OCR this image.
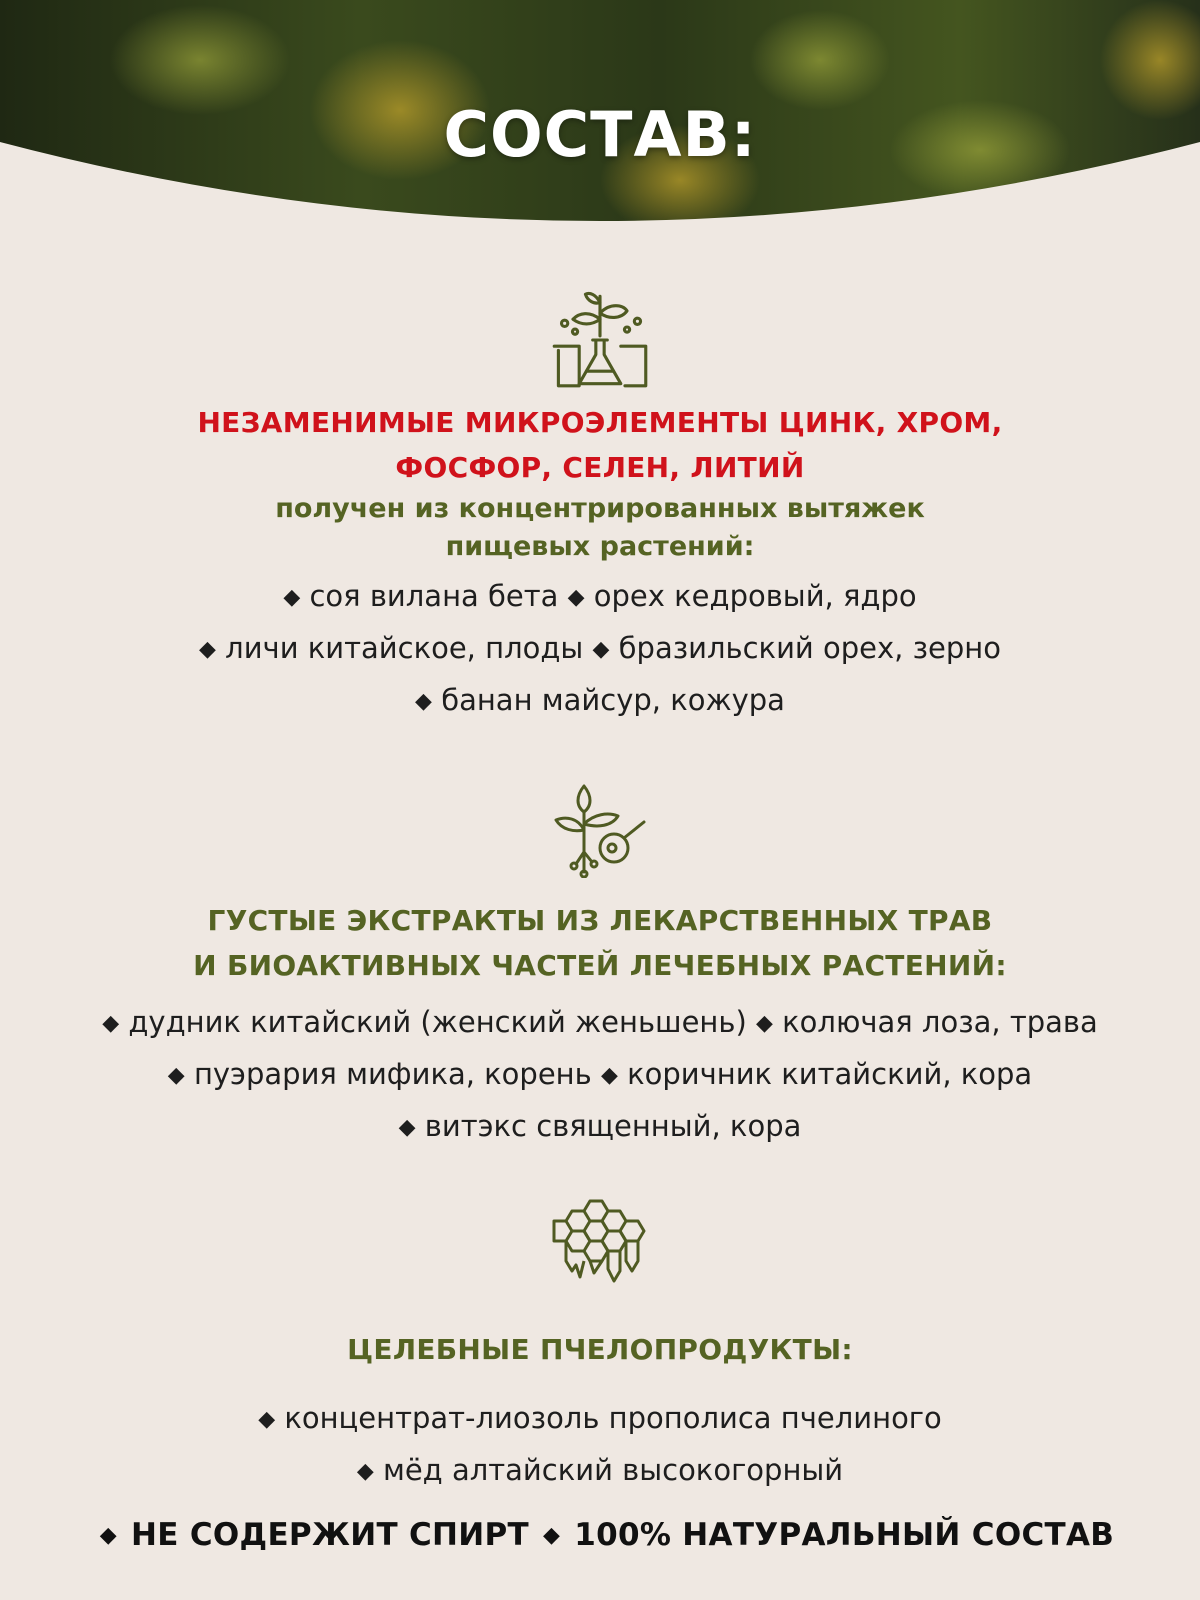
СОСТАВ:
НЕЗАМЕНИМЫЕ МИКРОЭЛЕМЕНТЫ ЦИНК, ХРОМ,
ФОСФОР, СЕЛЕН, ЛИТИЙ
получен из концентрированных вытяжек
пищевых растений:
◆ соя вилана бета ◆ орех кедровый, ядро
◆ личи китайское, плоды ◆ бразильский орех, зерно
◆ банан майсур, кожура
ГУСТЫЕ ЭКСТРАКТЫ ИЗ ЛЕКАРСТВЕННЫХ ТРАВ
И БИОАКТИВНЫХ ЧАСТЕЙ ЛЕЧЕБНЫХ РАСТЕНИЙ:
◆ дудник китайский (женский женьшень) ◆ колючая лоза, трава
◆ пуэрария мифика, корень ◆ коричник китайский, кора
◆ витэкс священный, кора
ЦЕЛЕБНЫЕ ПЧЕЛОПРОДУКТЫ:
◆ концентрат-лиозоль прополиса пчелиного
◆ мёд алтайский высокогорный
◆ НЕ СОДЕРЖИТ СПИРТ ◆ 100% НАТУРАЛЬНЫЙ СОСТАВ
